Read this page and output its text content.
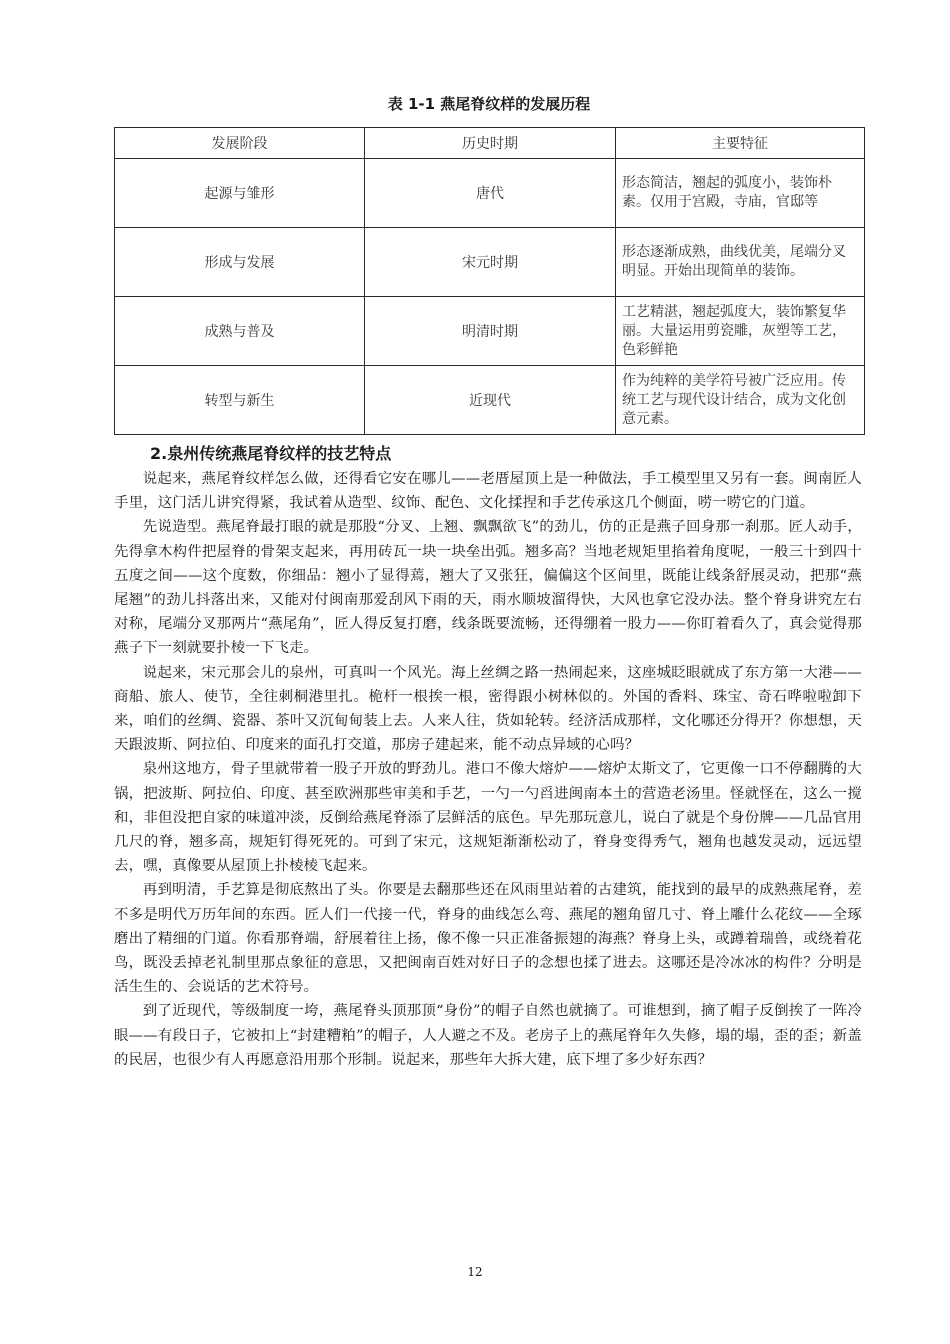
表 1-1 燕尾脊纹样的发展历程
发展阶段	历史时期	主要特征
起源与雏形	唐代	形态简洁，翘起的弧度小，装饰朴素。仅用于宫殿，寺庙，官邸等
形成与发展	宋元时期	形态逐渐成熟，曲线优美，尾端分叉明显。开始出现简单的装饰。
成熟与普及	明清时期	工艺精湛，翘起弧度大，装饰繁复华丽。大量运用剪瓷雕，灰塑等工艺，色彩鲜艳
转型与新生	近现代	作为纯粹的美学符号被广泛应用。传统工艺与现代设计结合，成为文化创意元素。
2.泉州传统燕尾脊纹样的技艺特点

说起来，燕尾脊纹样怎么做，还得看它安在哪儿——老厝屋顶上是一种做法，手工模型里又另有一套。闽南匠人手里，这门活儿讲究得紧，我试着从造型、纹饰、配色、文化揉捏和手艺传承这几个侧面，唠一唠它的门道。

先说造型。燕尾脊最打眼的就是那股“分叉、上翘、飘飘欲飞”的劲儿，仿的正是燕子回身那一刹那。匠人动手，先得拿木构件把屋脊的骨架支起来，再用砖瓦一块一块垒出弧。翘多高？当地老规矩里掐着角度呢，一般三十到四十五度之间——这个度数，你细品：翘小了显得蔫，翘大了又张狂，偏偏这个区间里，既能让线条舒展灵动，把那“燕尾翘”的劲儿抖落出来，又能对付闽南那爱刮风下雨的天，雨水顺坡溜得快，大风也拿它没办法。整个脊身讲究左右对称，尾端分叉那两片“燕尾角”，匠人得反复打磨，线条既要流畅，还得绷着一股力——你盯着看久了，真会觉得那燕子下一刻就要扑棱一下飞走。

说起来，宋元那会儿的泉州，可真叫一个风光。海上丝绸之路一热闹起来，这座城眨眼就成了东方第一大港——商船、旅人、使节，全往刺桐港里扎。桅杆一根挨一根，密得跟小树林似的。外国的香料、珠宝、奇石哗啦啦卸下来，咱们的丝绸、瓷器、茶叶又沉甸甸装上去。人来人往，货如轮转。经济活成那样，文化哪还分得开？你想想，天天跟波斯、阿拉伯、印度来的面孔打交道，那房子建起来，能不动点异域的心吗？

泉州这地方，骨子里就带着一股子开放的野劲儿。港口不像大熔炉——熔炉太斯文了，它更像一口不停翻腾的大锅，把波斯、阿拉伯、印度、甚至欧洲那些审美和手艺，一勺一勺舀进闽南本土的营造老汤里。怪就怪在，这么一搅和，非但没把自家的味道冲淡，反倒给燕尾脊添了层鲜活的底色。早先那玩意儿，说白了就是个身份牌——几品官用几尺的脊，翘多高，规矩钉得死死的。可到了宋元，这规矩渐渐松动了，脊身变得秀气，翘角也越发灵动，远远望去，嘿，真像要从屋顶上扑棱棱飞起来。

再到明清，手艺算是彻底熬出了头。你要是去翻那些还在风雨里站着的古建筑，能找到的最早的成熟燕尾脊，差不多是明代万历年间的东西。匠人们一代接一代，脊身的曲线怎么弯、燕尾的翘角留几寸、脊上雕什么花纹——全琢磨出了精细的门道。你看那脊端，舒展着往上扬，像不像一只正准备振翅的海燕？脊身上头，或蹲着瑞兽，或绕着花鸟，既没丢掉老礼制里那点象征的意思，又把闽南百姓对好日子的念想也揉了进去。这哪还是冷冰冰的构件？分明是活生生的、会说话的艺术符号。

到了近现代，等级制度一垮，燕尾脊头顶那顶“身份”的帽子自然也就摘了。可谁想到，摘了帽子反倒挨了一阵冷眼——有段日子，它被扣上“封建糟粕”的帽子，人人避之不及。老房子上的燕尾脊年久失修，塌的塌，歪的歪；新盖的民居，也很少有人再愿意沿用那个形制。说起来，那些年大拆大建，底下埋了多少好东西？

12
